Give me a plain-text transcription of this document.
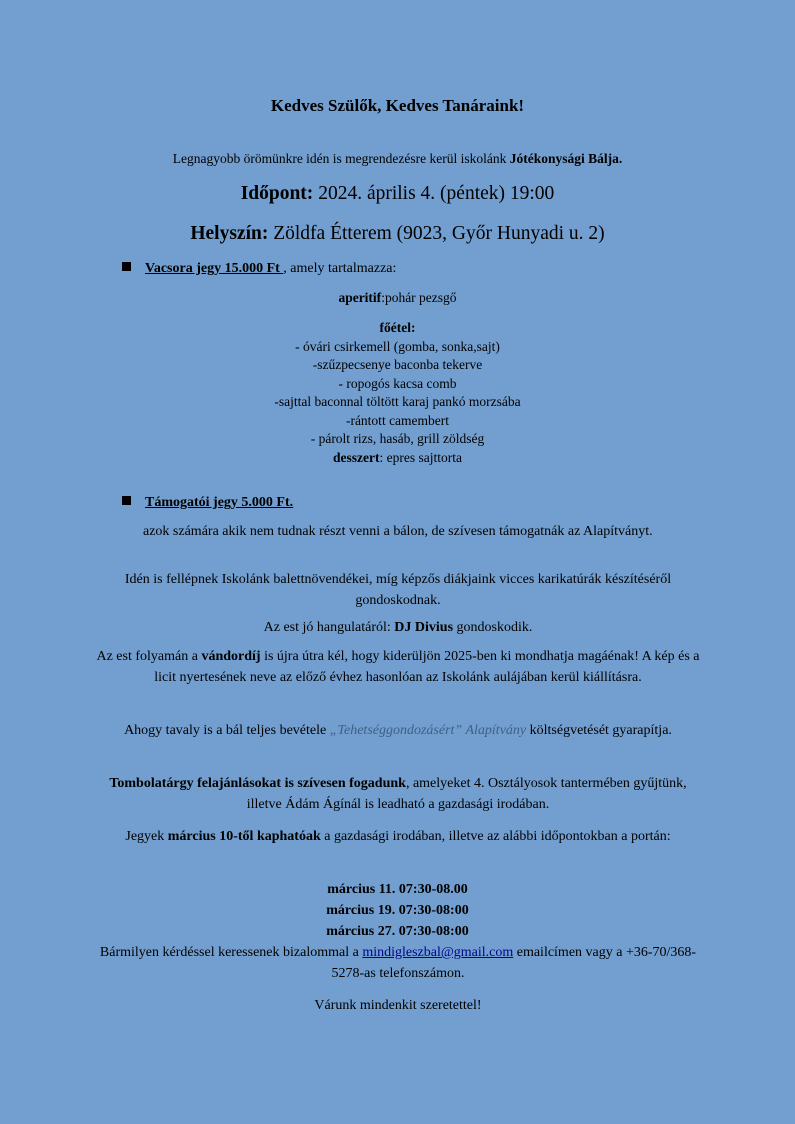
Kedves Szülők, Kedves Tanáraink!
Legnagyobb örömünkre idén is megrendezésre kerül iskolánk Jótékonysági Bálja.
Időpont: 2024. április 4. (péntek) 19:00
Helyszín: Zöldfa Étterem (9023, Győr Hunyadi u. 2)
Vacsora jegy 15.000 Ft , amely tartalmazza:
aperitif:pohár pezsgő
főétel:
- óvári csirkemell (gomba, sonka,sajt)
-szűzpecsenye baconba tekerve
- ropogós kacsa comb
-sajttal baconnal töltött karaj pankó morzsába
-rántott camembert
- párolt rizs, hasáb, grill zöldség
desszert: epres sajttorta
Támogatói jegy 5.000 Ft.
azok számára akik nem tudnak részt venni a bálon, de szívesen támogatnák az Alapítványt.
Idén is fellépnek Iskolánk balettnövendékei, míg képzős diákjaink vicces karikatúrák készítéséről gondoskodnak.
Az est jó hangulatáról: DJ Divius gondoskodik.
Az est folyamán a vándordíj is újra útra kél, hogy kiderüljön 2025-ben ki mondhatja magáénak! A kép és a licit nyertesének neve az előző évhez hasonlóan az Iskolánk aulájában kerül kiállításra.
Ahogy tavaly is a bál teljes bevétele „Tehetséggondozásért” Alapítvány költségvetését gyarapítja.
Tombolatárgy felajánlásokat is szívesen fogadunk, amelyeket 4. Osztályosok tantermében gyűjtünk, illetve Ádám Ágínál is leadható a gazdasági irodában.
Jegyek március 10-től kaphatóak a gazdasági irodában, illetve az alábbi időpontokban a portán:
március 11. 07:30-08.00
március 19. 07:30-08:00
március 27. 07:30-08:00
Bármilyen kérdéssel keressenek bizalommal a mindigleszbal@gmail.com emailcímen vagy a +36-70/368-5278-as telefonszámon.
Várunk mindenkit szeretettel!
